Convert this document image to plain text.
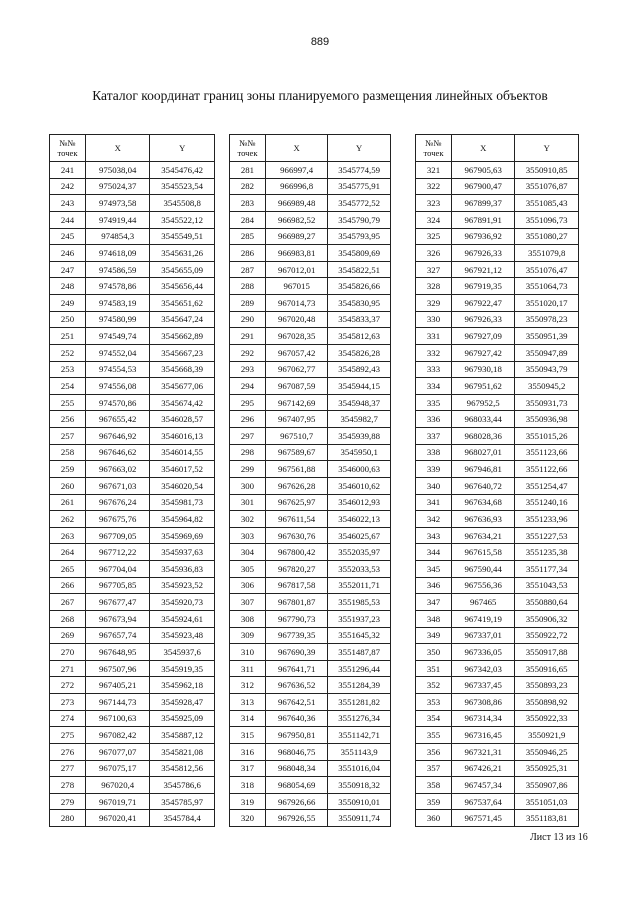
889
Каталог координат границ зоны планируемого размещения линейных объектов
№№ точек	X	Y
241	975038,04	3545476,42
242	975024,37	3545523,54
243	974973,58	3545508,8
244	974919,44	3545522,12
245	974854,3	3545549,51
246	974618,09	3545631,26
247	974586,59	3545655,09
248	974578,86	3545656,44
249	974583,19	3545651,62
250	974580,99	3545647,24
251	974549,74	3545662,89
252	974552,04	3545667,23
253	974554,53	3545668,39
254	974556,08	3545677,06
255	974570,86	3545674,42
256	967655,42	3546028,57
257	967646,92	3546016,13
258	967646,62	3546014,55
259	967663,02	3546017,52
260	967671,03	3546020,54
261	967676,24	3545981,73
262	967675,76	3545964,82
263	967709,05	3545969,69
264	967712,22	3545937,63
265	967704,04	3545936,83
266	967705,85	3545923,52
267	967677,47	3545920,73
268	967673,94	3545924,61
269	967657,74	3545923,48
270	967648,95	3545937,6
271	967507,96	3545919,35
272	967405,21	3545962,18
273	967144,73	3545928,47
274	967100,63	3545925,09
275	967082,42	3545887,12
276	967077,07	3545821,08
277	967075,17	3545812,56
278	967020,4	3545786,6
279	967019,71	3545785,97
280	967020,41	3545784,4
№№ точек	X	Y
281	966997,4	3545774,59
282	966996,8	3545775,91
283	966989,48	3545772,52
284	966982,52	3545790,79
285	966989,27	3545793,95
286	966983,81	3545809,69
287	967012,01	3545822,51
288	967015	3545826,66
289	967014,73	3545830,95
290	967020,48	3545833,37
291	967028,35	3545812,63
292	967057,42	3545826,28
293	967062,77	3545892,43
294	967087,59	3545944,15
295	967142,69	3545948,37
296	967407,95	3545982,7
297	967510,7	3545939,88
298	967589,67	3545950,1
299	967561,88	3546000,63
300	967626,28	3546010,62
301	967625,97	3546012,93
302	967611,54	3546022,13
303	967630,76	3546025,67
304	967800,42	3552035,97
305	967820,27	3552033,53
306	967817,58	3552011,71
307	967801,87	3551985,53
308	967790,73	3551937,23
309	967739,35	3551645,32
310	967690,39	3551487,87
311	967641,71	3551296,44
312	967636,52	3551284,39
313	967642,51	3551281,82
314	967640,36	3551276,34
315	967950,81	3551142,71
316	968046,75	3551143,9
317	968048,34	3551016,04
318	968054,69	3550918,32
319	967926,66	3550910,01
320	967926,55	3550911,74
№№ точек	X	Y
321	967905,63	3550910,85
322	967900,47	3551076,87
323	967899,37	3551085,43
324	967891,91	3551096,73
325	967936,92	3551080,27
326	967926,33	3551079,8
327	967921,12	3551076,47
328	967919,35	3551064,73
329	967922,47	3551020,17
330	967926,33	3550978,23
331	967927,09	3550951,39
332	967927,42	3550947,89
333	967930,18	3550943,79
334	967951,62	3550945,2
335	967952,5	3550931,73
336	968033,44	3550936,98
337	968028,36	3551015,26
338	968027,01	3551123,66
339	967946,81	3551122,66
340	967640,72	3551254,47
341	967634,68	3551240,16
342	967636,93	3551233,96
343	967634,21	3551227,53
344	967615,58	3551235,38
345	967590,44	3551177,34
346	967556,36	3551043,53
347	967465	3550880,64
348	967419,19	3550906,32
349	967337,01	3550922,72
350	967336,05	3550917,88
351	967342,03	3550916,65
352	967337,45	3550893,23
353	967308,86	3550898,92
354	967314,34	3550922,33
355	967316,45	3550921,9
356	967321,31	3550946,25
357	967426,21	3550925,31
358	967457,34	3550907,86
359	967537,64	3551051,03
360	967571,45	3551183,81
Лист 13 из 16
